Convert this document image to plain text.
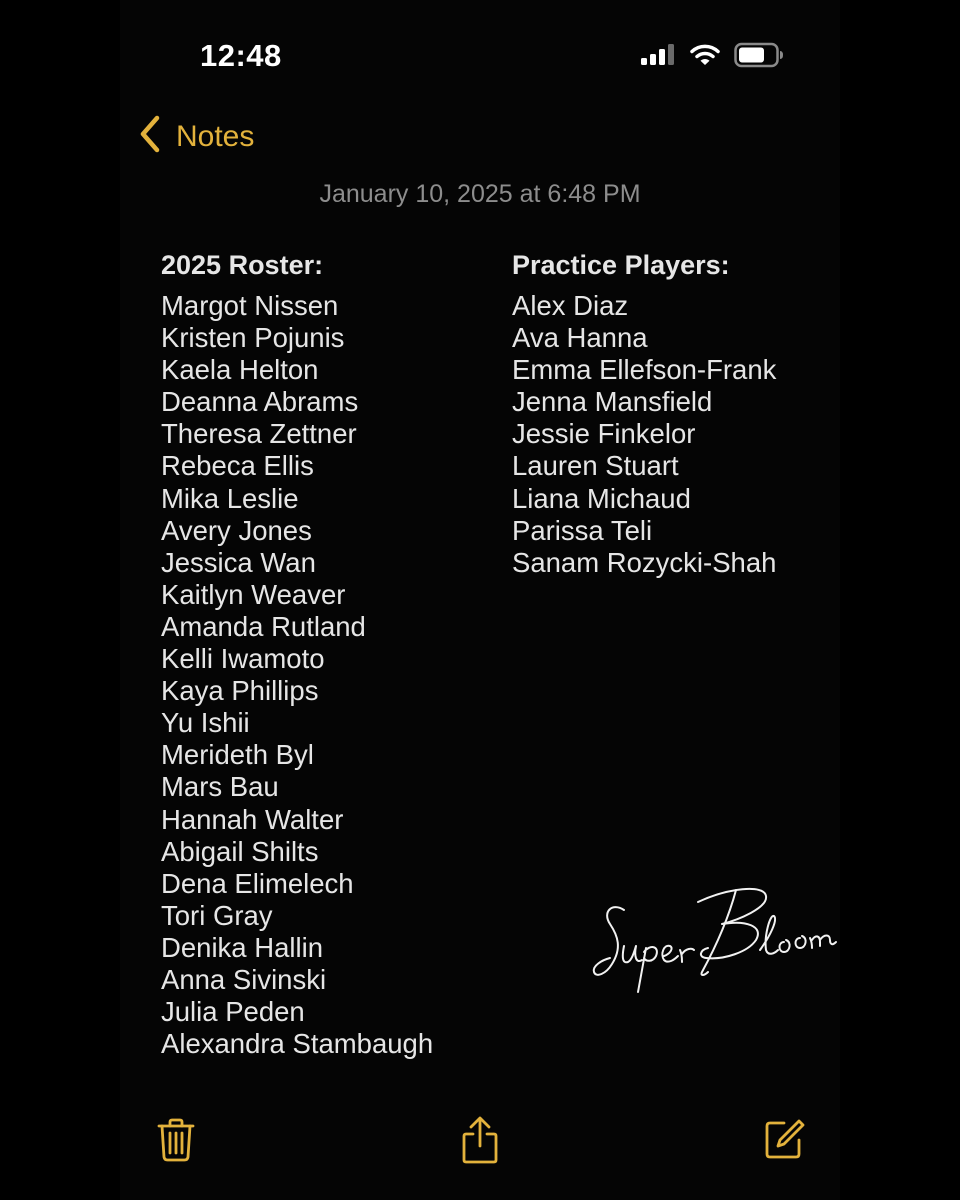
12:48
Notes
January 10, 2025 at 6:48 PM
2025 Roster:
Margot Nissen
Kristen Pojunis
Kaela Helton
Deanna Abrams
Theresa Zettner
Rebeca Ellis
Mika Leslie
Avery Jones
Jessica Wan
Kaitlyn Weaver
Amanda Rutland
Kelli Iwamoto
Kaya Phillips
Yu Ishii
Merideth Byl
Mars Bau
Hannah Walter
Abigail Shilts
Dena Elimelech
Tori Gray
Denika Hallin
Anna Sivinski
Julia Peden
Alexandra Stambaugh
Practice Players:
Alex Diaz
Ava Hanna
Emma Ellefson-Frank
Jenna Mansfield
Jessie Finkelor
Lauren Stuart
Liana Michaud
Parissa Teli
Sanam Rozycki-Shah
